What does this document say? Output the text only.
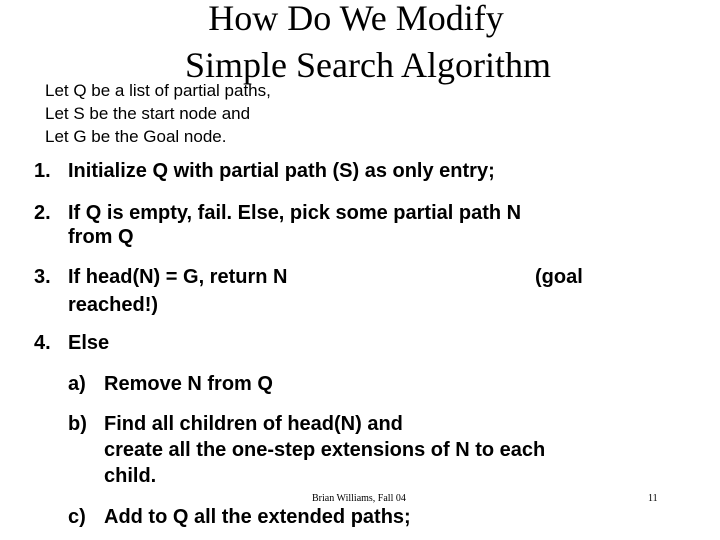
How Do We Modify
Simple Search Algorithm
Let Q be a list of partial paths,
Let S be the start node and
Let G be the Goal node.
1. Initialize Q with partial path (S) as only entry;
2. If Q is empty, fail. Else, pick some partial path N
from Q
3. If head(N) = G, return N	(goal
reached!)
4. Else
a) Remove N from Q
b) Find all children of head(N) and
create all the one-step extensions of N to each
child.
c) Add to Q all the extended paths;
Brian Williams, Fall 04	11
